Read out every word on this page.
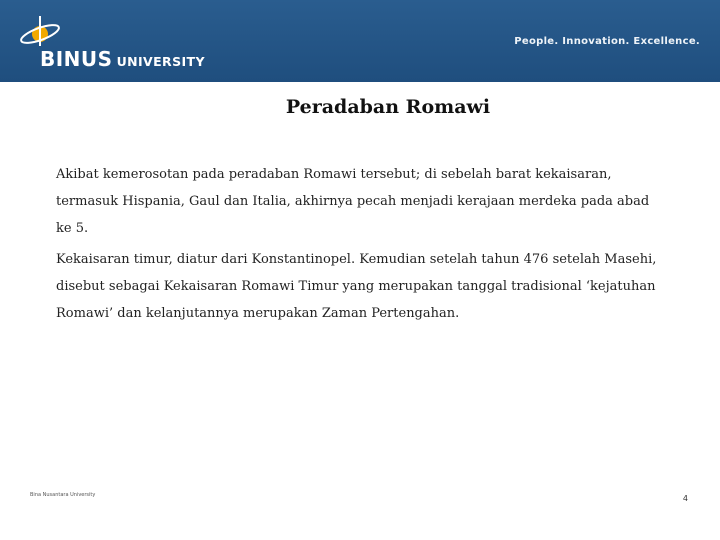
BINUS UNIVERSITY
People. Innovation. Excellence.
Peradaban Romawi
Akibat kemerosotan pada peradaban Romawi tersebut; di sebelah barat kekaisaran, termasuk Hispania, Gaul dan Italia, akhirnya pecah menjadi kerajaan merdeka pada abad ke 5.
Kekaisaran timur, diatur dari Konstantinopel. Kemudian setelah tahun 476 setelah Masehi, disebut sebagai Kekaisaran Romawi Timur yang merupakan tanggal tradisional ‘kejatuhan Romawi’ dan kelanjutannya merupakan Zaman Pertengahan.
Bina Nusantara University	4
